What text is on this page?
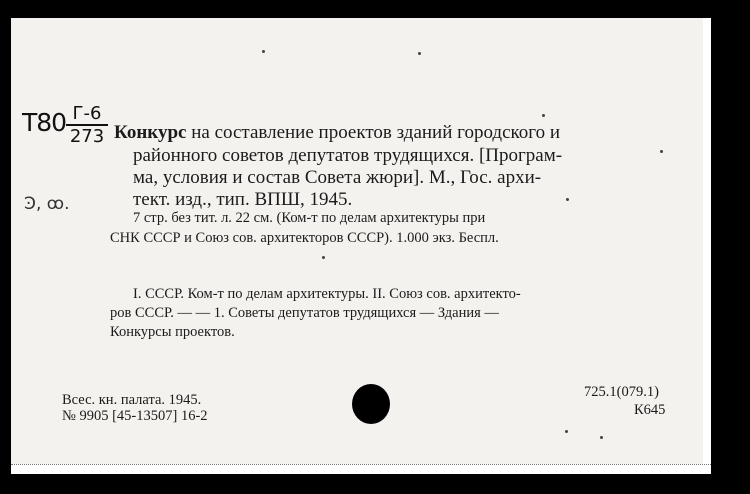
Т80 Г-6
273 Конкурс на составление проектов зданий городского и
районного советов депутатов трудящихся. [Програм-
ма, условия и состав Совета жюри]. М., Гос. архи-
тект. изд., тип. ВПШ, 1945.
Ͽ, ꝏ.
7 стр. без тит. л. 22 см. (Ком-т по делам архитектуры при
СНК СССР и Союз сов. архитекторов СССР). 1.000 экз. Беспл.
I. СССР. Ком-т по делам архитектуры. II. Союз сов. архитекто-
ров СССР. — — 1. Советы депутатов трудящихся — Здания —
Конкурсы проектов.
Всес. кн. палата. 1945.
№ 9905 [45-13507] 16-2
725.1(079.1)
К645
